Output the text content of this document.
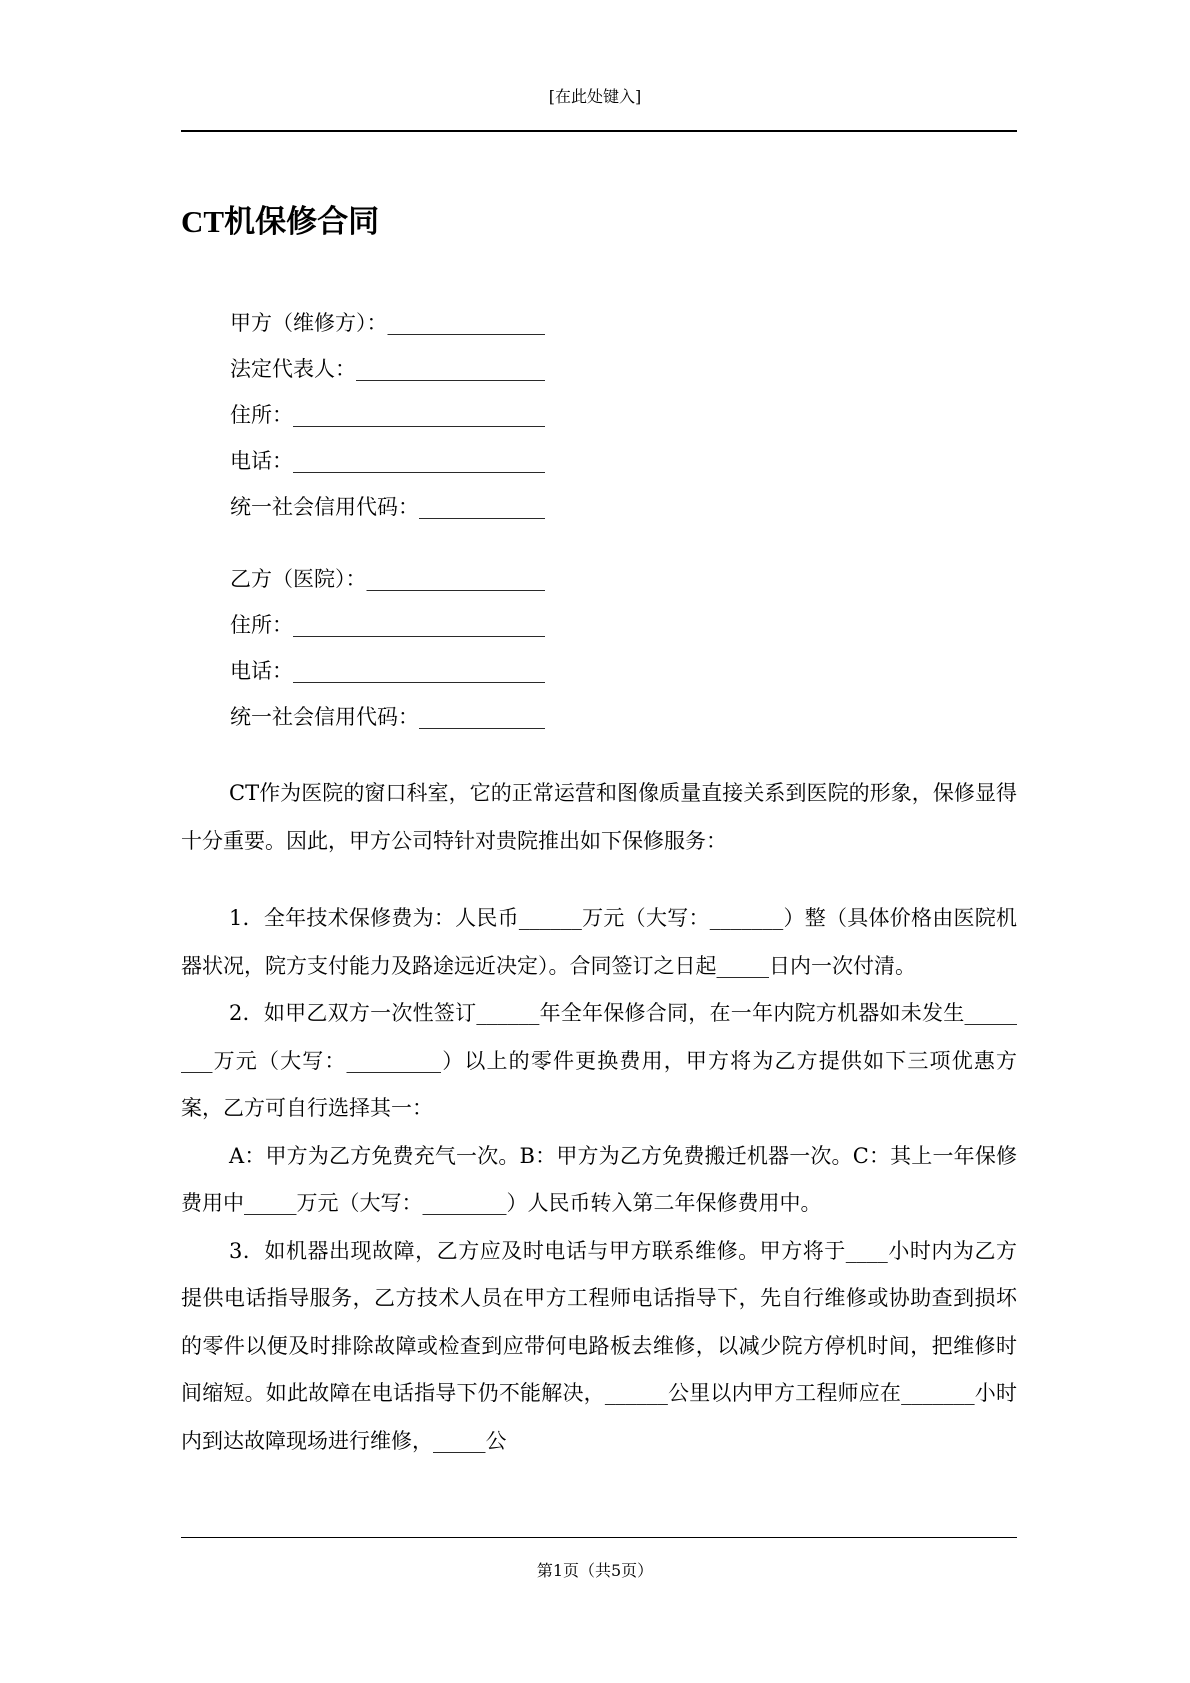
[在此处键入]
CT机保修合同
甲方（维修方）：_______________
法定代表人：__________________
住所：________________________
电话：________________________
统一社会信用代码：____________
乙方（医院）：_________________
住所：________________________
电话：________________________
统一社会信用代码：____________
CT作为医院的窗口科室，它的正常运营和图像质量直接关系到医院的形象，保修显得十分重要。因此，甲方公司特针对贵院推出如下保修服务：
1．全年技术保修费为：人民币______万元（大写：_______）整（具体价格由医院机器状况，院方支付能力及路途远近决定）。合同签订之日起_____日内一次付清。
2．如甲乙双方一次性签订______年全年保修合同，在一年内院方机器如未发生________万元（大写：_________）以上的零件更换费用，甲方将为乙方提供如下三项优惠方案，乙方可自行选择其一：
A：甲方为乙方免费充气一次。B：甲方为乙方免费搬迁机器一次。C：其上一年保修费用中_____万元（大写：________）人民币转入第二年保修费用中。
3．如机器出现故障，乙方应及时电话与甲方联系维修。甲方将于____小时内为乙方提供电话指导服务，乙方技术人员在甲方工程师电话指导下，先自行维修或协助查到损坏的零件以便及时排除故障或检查到应带何电路板去维修，以减少院方停机时间，把维修时间缩短。如此故障在电话指导下仍不能解决，______公里以内甲方工程师应在_______小时内到达故障现场进行维修，_____公
第1页（共5页）
